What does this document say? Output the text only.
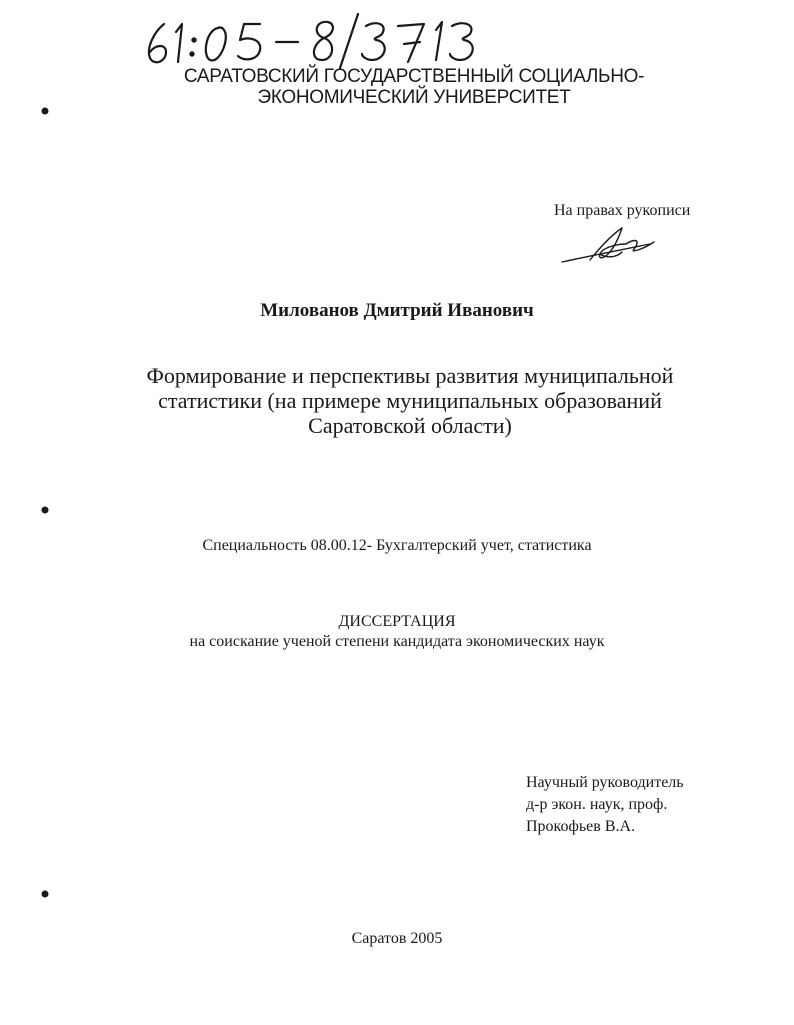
САРАТОВСКИЙ ГОСУДАРСТВЕННЫЙ СОЦИАЛЬНО-
ЭКОНОМИЧЕСКИЙ УНИВЕРСИТЕТ
На правах рукописи
Милованов Дмитрий Иванович
Формирование и перспективы развития муниципальной
статистики (на примере муниципальных образований
Саратовской области)
Специальность 08.00.12- Бухгалтерский учет, статистика
ДИССЕРТАЦИЯ
на соискание ученой степени кандидата экономических наук
Научный руководитель
д-р экон. наук, проф.
Прокофьев В.А.
Саратов 2005
